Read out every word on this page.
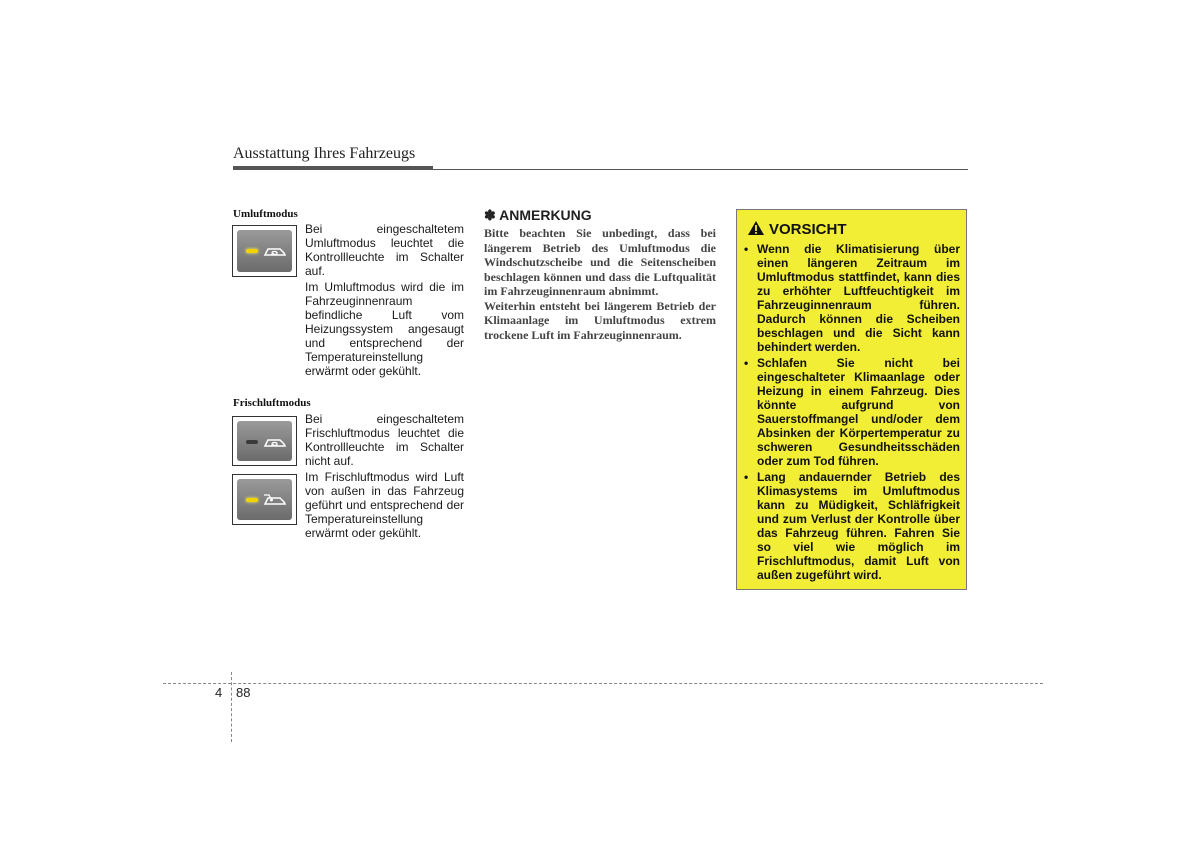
Ausstattung Ihres Fahrzeugs
Umluftmodus
Bei eingeschaltetem Umluftmodus leuchtet die Kontrollleuchte im Schalter auf.
Im Umluftmodus wird die im Fahrzeuginnenraum befindliche Luft vom Heizungssystem angesaugt und entsprechend der Temperatureinstellung erwärmt oder gekühlt.
Frischluftmodus
Bei eingeschaltetem Frischluftmodus leuchtet die Kontrollleuchte im Schalter nicht auf.
Im Frischluftmodus wird Luft von außen in das Fahrzeug geführt und entsprechend der Temperatureinstellung erwärmt oder gekühlt.
✽ ANMERKUNG

Bitte beachten Sie unbedingt, dass bei längerem Betrieb des Umluftmodus die Windschutzscheibe und die Seitenscheiben beschlagen können und dass die Luftqualität im Fahrzeuginnenraum abnimmt.

Weiterhin entsteht bei längerem Betrieb der Klimaanlage im Umluftmodus extrem trockene Luft im Fahrzeuginnenraum.

VORSICHT
• Wenn die Klimatisierung über einen längeren Zeitraum im Umluftmodus stattfindet, kann dies zu erhöhter Luftfeuchtigkeit im Fahrzeuginnenraum führen. Dadurch können die Scheiben beschlagen und die Sicht kann behindert werden.
• Schlafen Sie nicht bei eingeschalteter Klimaanlage oder Heizung in einem Fahrzeug. Dies könnte aufgrund von Sauerstoffmangel und/oder dem Absinken der Körpertemperatur zu schweren Gesundheitsschäden oder zum Tod führen.
• Lang andauernder Betrieb des Klimasystems im Umluftmodus kann zu Müdigkeit, Schläfrigkeit und zum Verlust der Kontrolle über das Fahrzeug führen. Fahren Sie so viel wie möglich im Frischluftmodus, damit Luft von außen zugeführt wird.
4 88
